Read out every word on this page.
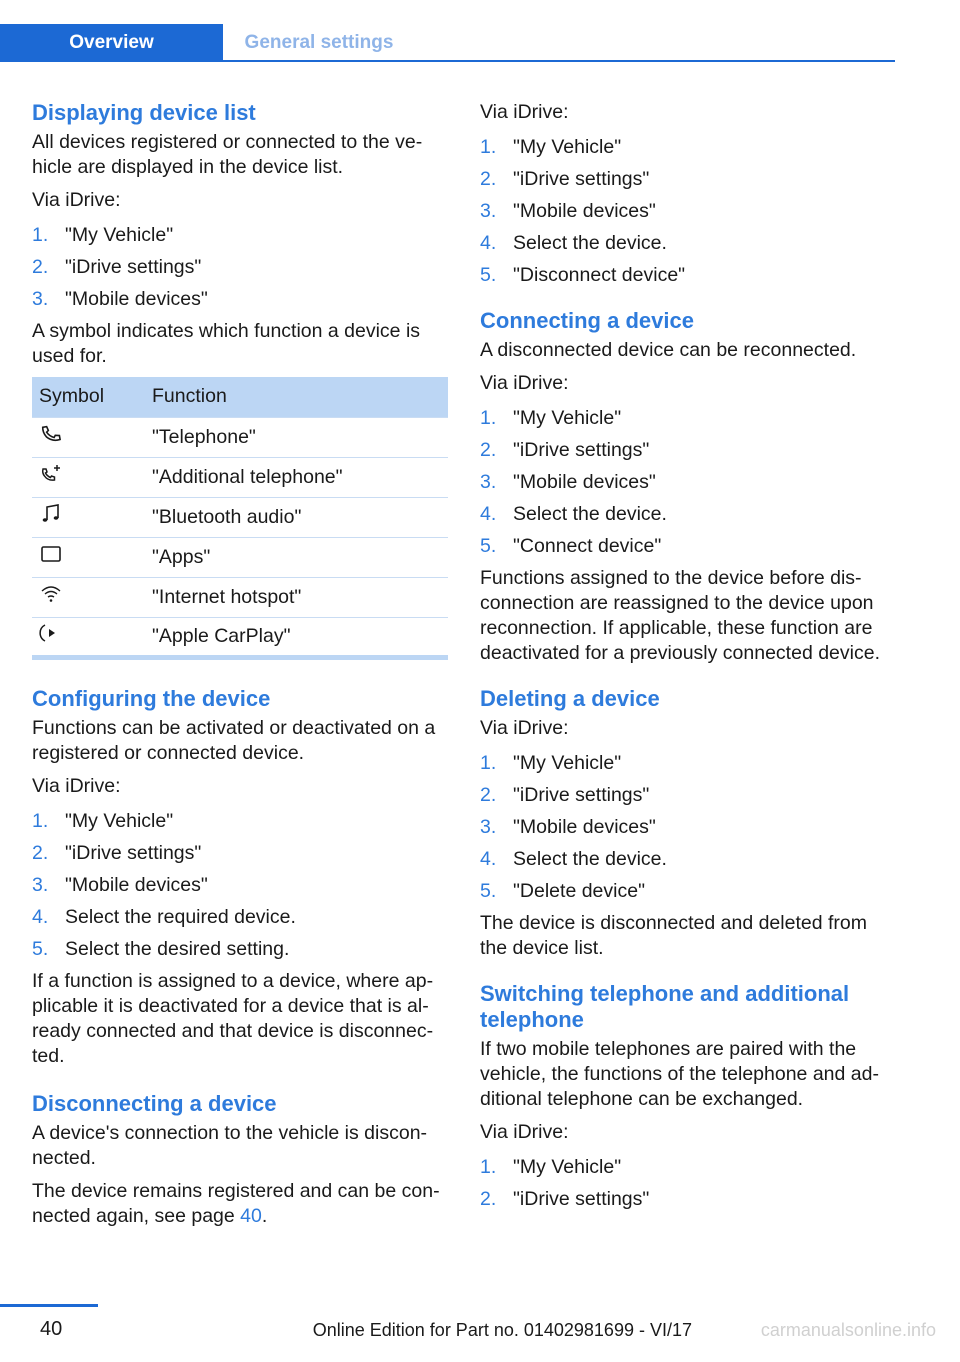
Overview	General settings
Displaying device list

All devices registered or connected to the ve‐hicle are displayed in the device list.

Via iDrive:

1. "My Vehicle"
2. "iDrive settings"
3. "Mobile devices"

A symbol indicates which function a device is used for.

Symbol	Function
	"Telephone"
	"Additional telephone"
	"Bluetooth audio"
	"Apps"
	"Internet hotspot"
	"Apple CarPlay"
Configuring the device

Functions can be activated or deactivated on a registered or connected device.

Via iDrive:

1. "My Vehicle"
2. "iDrive settings"
3. "Mobile devices"
4. Select the required device.
5. Select the desired setting.

If a function is assigned to a device, where ap‐plicable it is deactivated for a device that is al‐ready connected and that device is disconnec‐ted.

Disconnecting a device

A device's connection to the vehicle is discon‐nected.

The device remains registered and can be con‐nected again, see page 40.

Via iDrive:

1. "My Vehicle"
2. "iDrive settings"
3. "Mobile devices"
4. Select the device.
5. "Disconnect device"
Connecting a device

A disconnected device can be reconnected.

Via iDrive:

1. "My Vehicle"
2. "iDrive settings"
3. "Mobile devices"
4. Select the device.
5. "Connect device"

Functions assigned to the device before dis‐connection are reassigned to the device upon reconnection. If applicable, these function are deactivated for a previously connected device.

Deleting a device

Via iDrive:

1. "My Vehicle"
2. "iDrive settings"
3. "Mobile devices"
4. Select the device.
5. "Delete device"

The device is disconnected and deleted from the device list.

Switching telephone and additional telephone

If two mobile telephones are paired with the vehicle, the functions of the telephone and ad‐ditional telephone can be exchanged.

Via iDrive:

1. "My Vehicle"
2. "iDrive settings"
40	Online Edition for Part no. 01402981699 - VI/17	carmanualsonline.info
